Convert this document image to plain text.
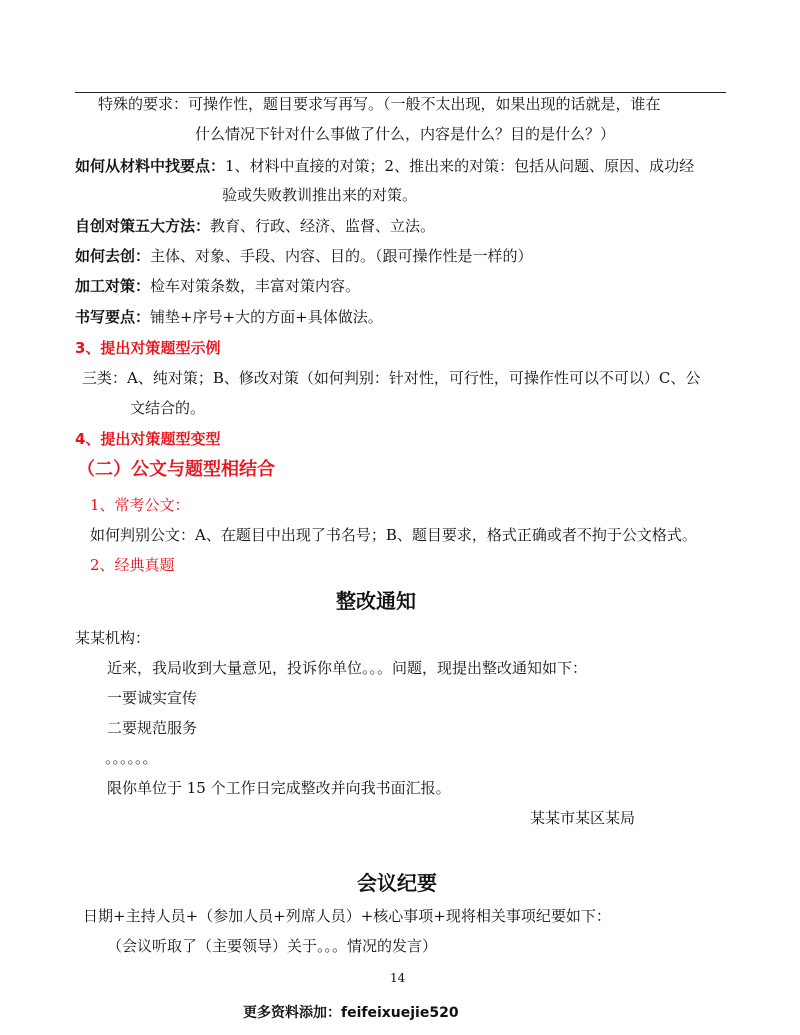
特殊的要求：可操作性，题目要求写再写。（一般不太出现，如果出现的话就是，谁在
什么情况下针对什么事做了什么，内容是什么？目的是什么？）
如何从材料中找要点：1、材料中直接的对策；2、推出来的对策：包括从问题、原因、成功经
验或失败教训推出来的对策。
自创对策五大方法：教育、行政、经济、监督、立法。
如何去创：主体、对象、手段、内容、目的。（跟可操作性是一样的）
加工对策：检车对策条数，丰富对策内容。
书写要点：铺垫+序号+大的方面+具体做法。
3、提出对策题型示例
三类：A、纯对策；B、修改对策（如何判别：针对性，可行性，可操作性可以不可以）C、公
文结合的。
4、提出对策题型变型
（二）公文与题型相结合
1、常考公文：
如何判别公文：A、在题目中出现了书名号；B、题目要求，格式正确或者不拘于公文格式。
2、经典真题
整改通知
某某机构：
近来，我局收到大量意见，投诉你单位。。。问题，现提出整改通知如下：
一要诚实宣传
二要规范服务
。。。。。。
限你单位于 15 个工作日完成整改并向我书面汇报。
某某市某区某局
会议纪要
日期+主持人员+（参加人员+列席人员）+核心事项+现将相关事项纪要如下：
（会议听取了（主要领导）关于。。。情况的发言）
14
更多资料添加：feifeixuejie520
